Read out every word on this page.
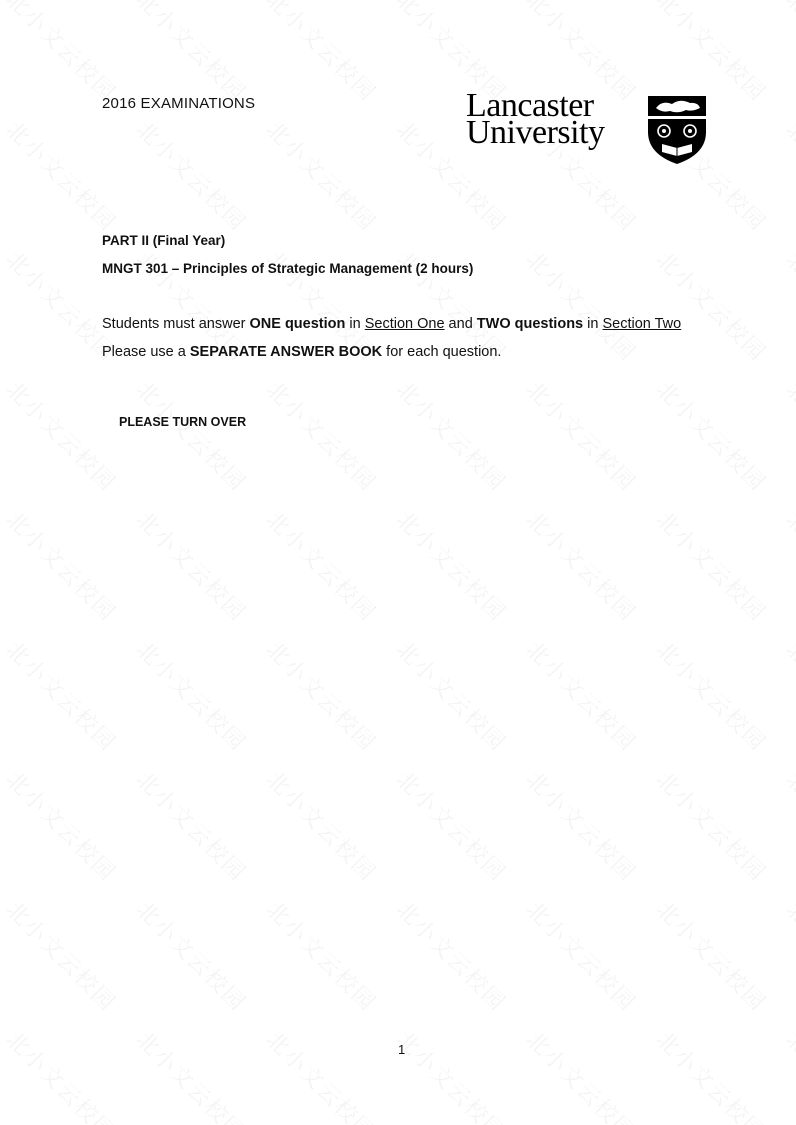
2016 EXAMINATIONS	Lancaster
University
PART II (Final Year)
MNGT 301 – Principles of Strategic Management (2 hours)
Students must answer ONE question in Section One and TWO questions in Section Two
Please use a SEPARATE ANSWER BOOK for each question.
PLEASE TURN OVER
1
